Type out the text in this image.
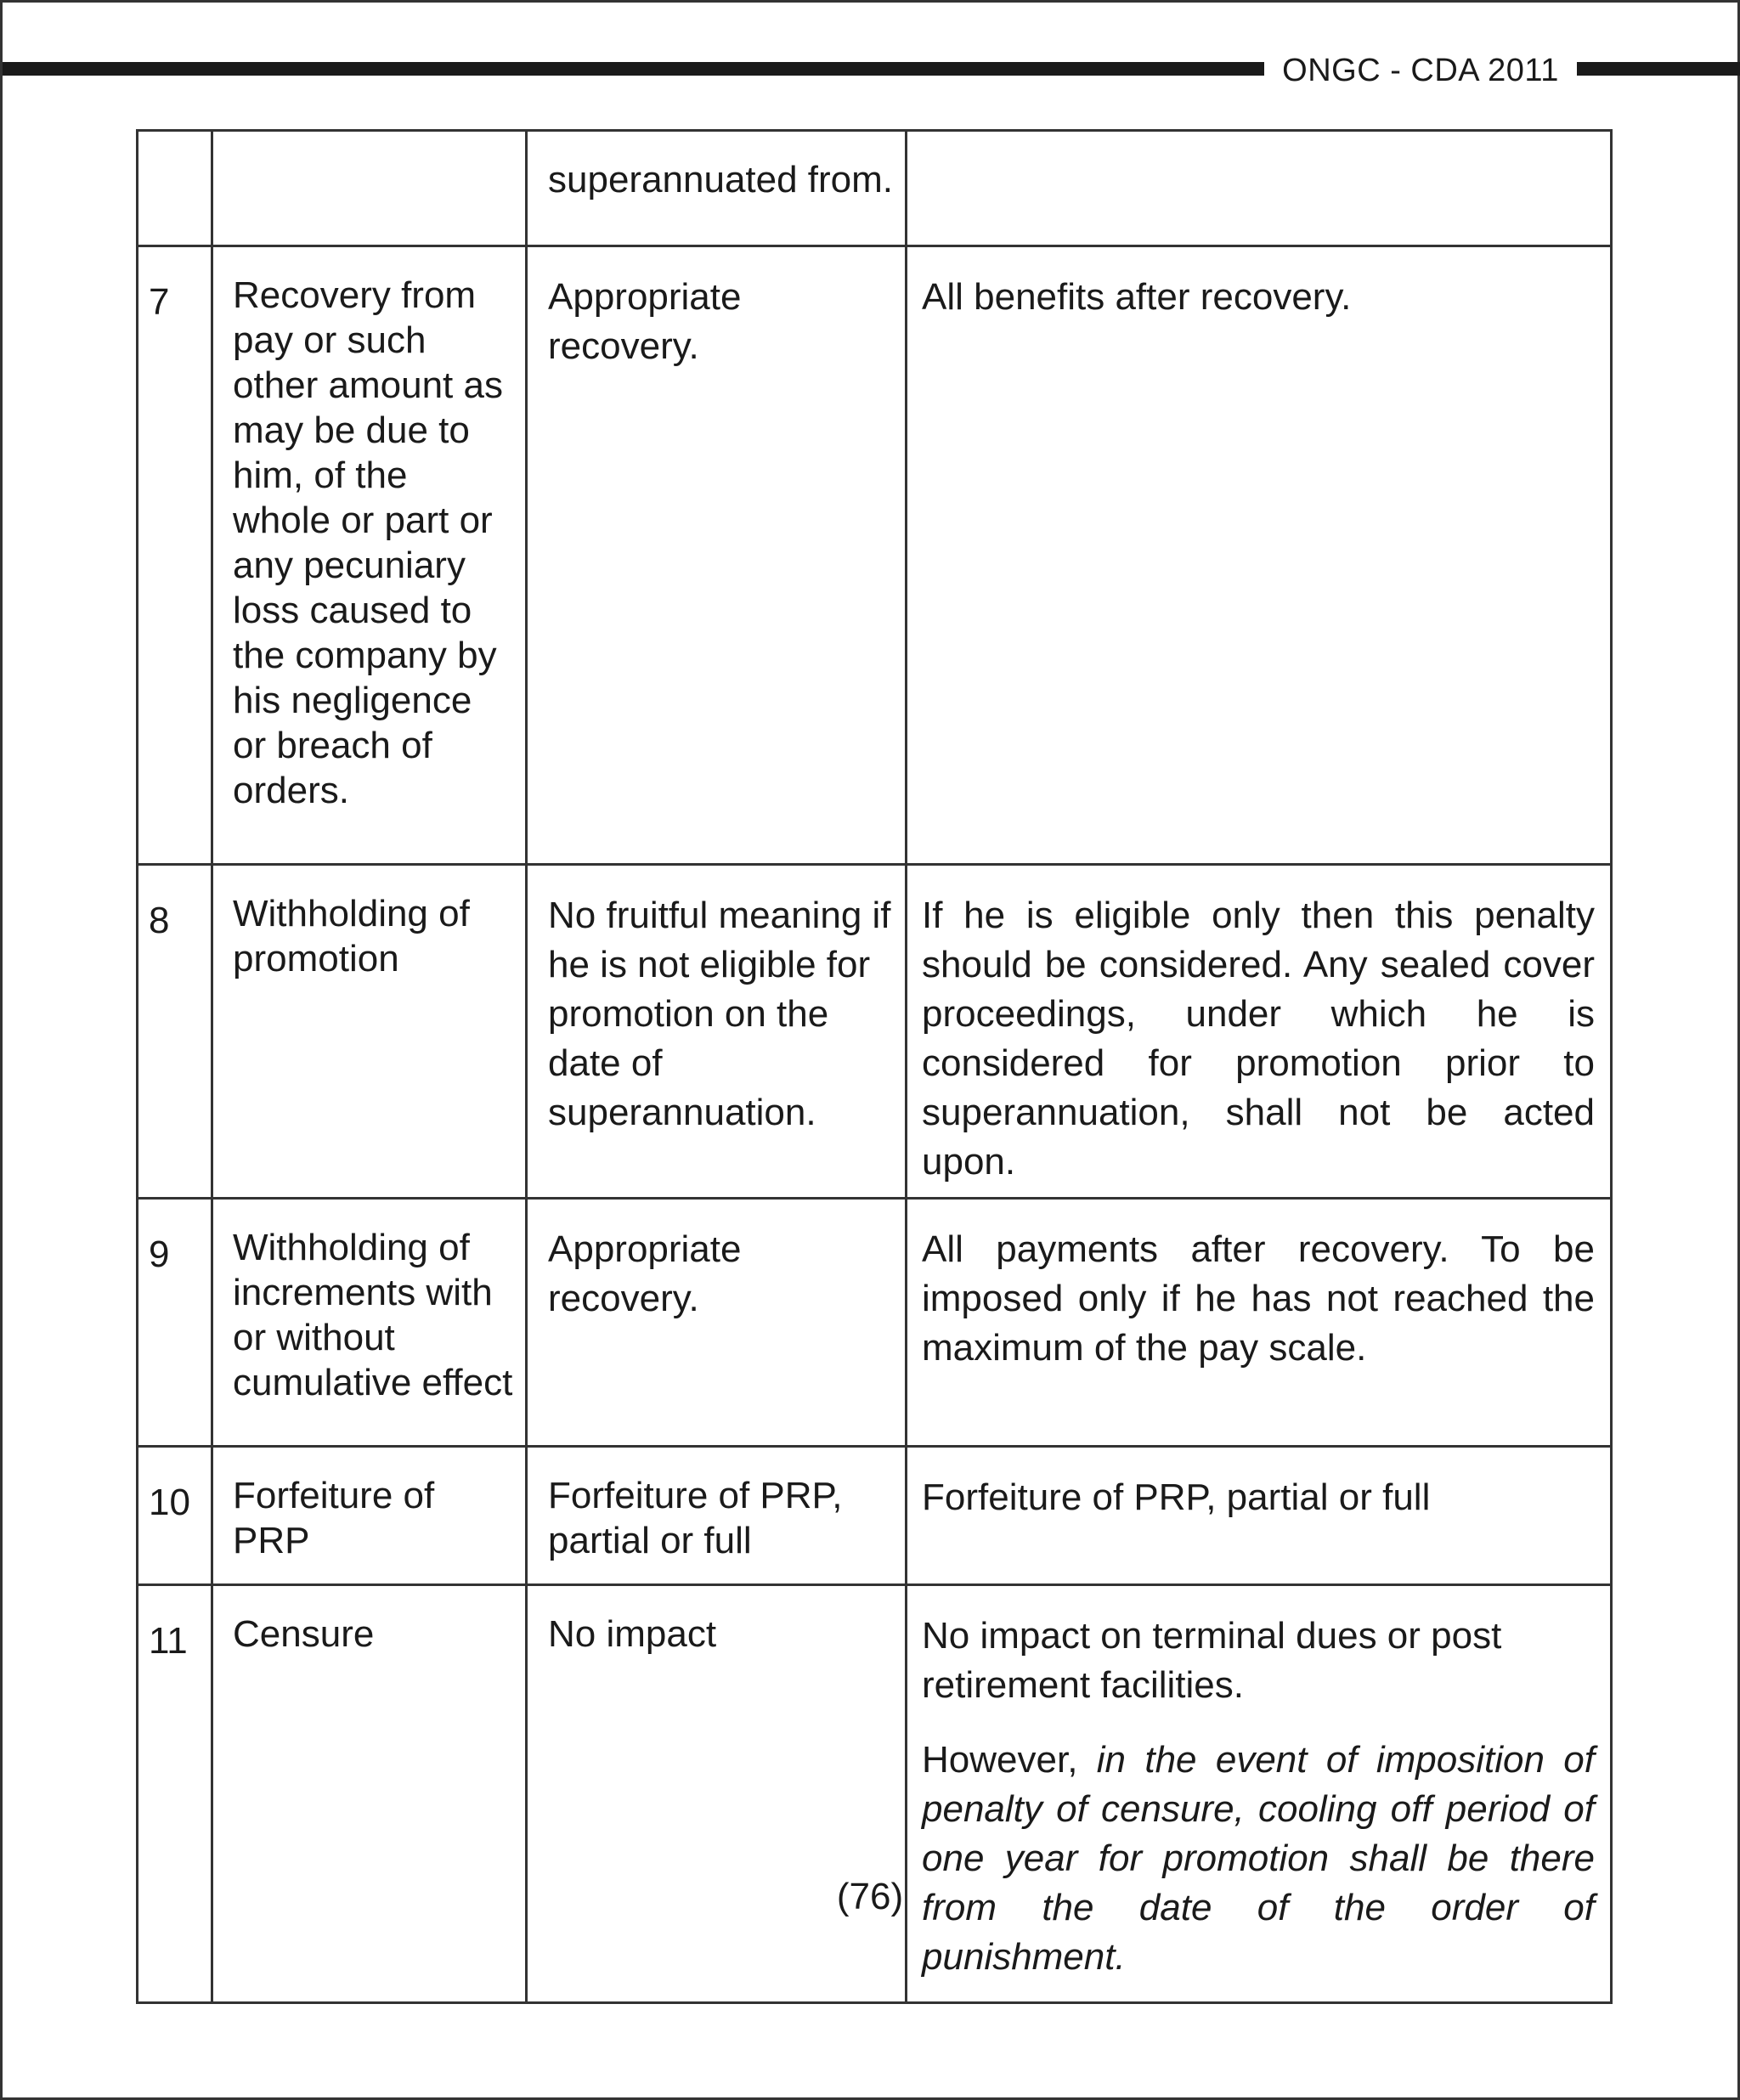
ONGC - CDA 2011
		superannuated from.	
7	Recovery from pay or such other amount as may be due to him, of the whole or part or any pecuniary loss caused to the company by his negligence or breach of orders.	Appropriate recovery.	All benefits after recovery.
8	Withholding of promotion	No fruitful meaning if he is not eligible for promotion on the date of superannuation.	If he is eligible only then this penalty should be considered. Any sealed cover proceedings, under which he is considered for promotion prior to superannuation, shall not be acted upon.
9	Withholding of increments with or without cumulative effect	Appropriate recovery.	All payments after recovery. To be imposed only if he has not reached the maximum of the pay scale.
10	Forfeiture of PRP	Forfeiture of PRP, partial or full	Forfeiture of PRP, partial or full
11	Censure	No impact	No impact on terminal dues or post retirement facilities.
However, in the event of imposition of penalty of censure, cooling off period of one year for promotion shall be there from the date of the order of punishment.
(76)
